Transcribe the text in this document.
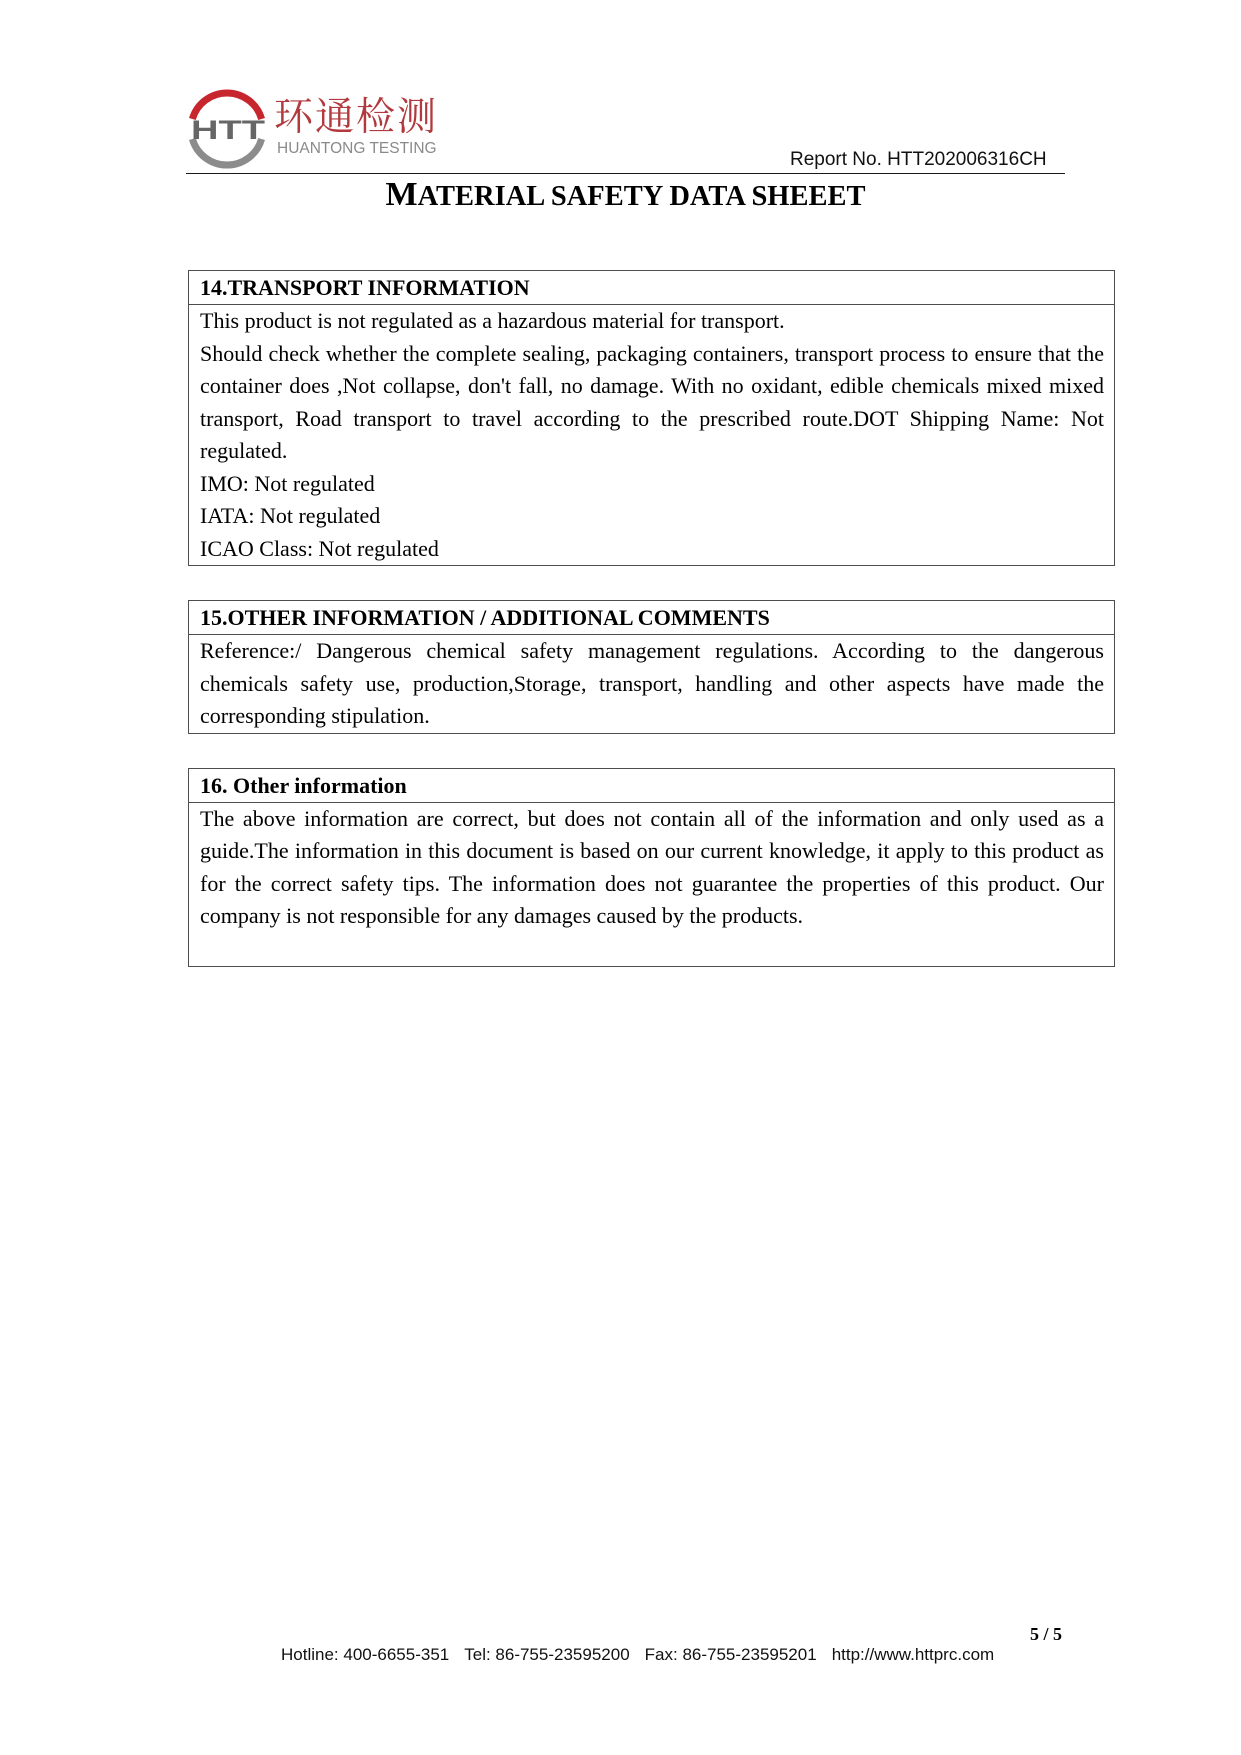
HTT 环通检测
HUANTONG TESTING
Report No. HTT202006316CH
MATERIAL SAFETY DATA SHEEET
14.TRANSPORT INFORMATION
This product is not regulated as a hazardous material for transport.
Should check whether the complete sealing, packaging containers, transport process to ensure that the
container does ,Not collapse, don't fall, no damage. With no oxidant, edible chemicals mixed mixed
transport, Road transport to travel according to the prescribed route.DOT Shipping Name: Not
regulated.
IMO: Not regulated
IATA: Not regulated
ICAO Class: Not regulated
15.OTHER INFORMATION / ADDITIONAL COMMENTS
Reference:/ Dangerous chemical safety management regulations. According to the dangerous
chemicals safety use, production,Storage, transport, handling and other aspects have made the
corresponding stipulation.
16. Other information
The above information are correct, but does not contain all of the information and only used as a
guide.The information in this document is based on our current knowledge, it apply to this product as
for the correct safety tips. The information does not guarantee the properties of this product. Our
company is not responsible for any damages caused by the products.
5 / 5
Hotline: 400-6655-351 Tel: 86-755-23595200 Fax: 86-755-23595201 http://www.httprc.com
